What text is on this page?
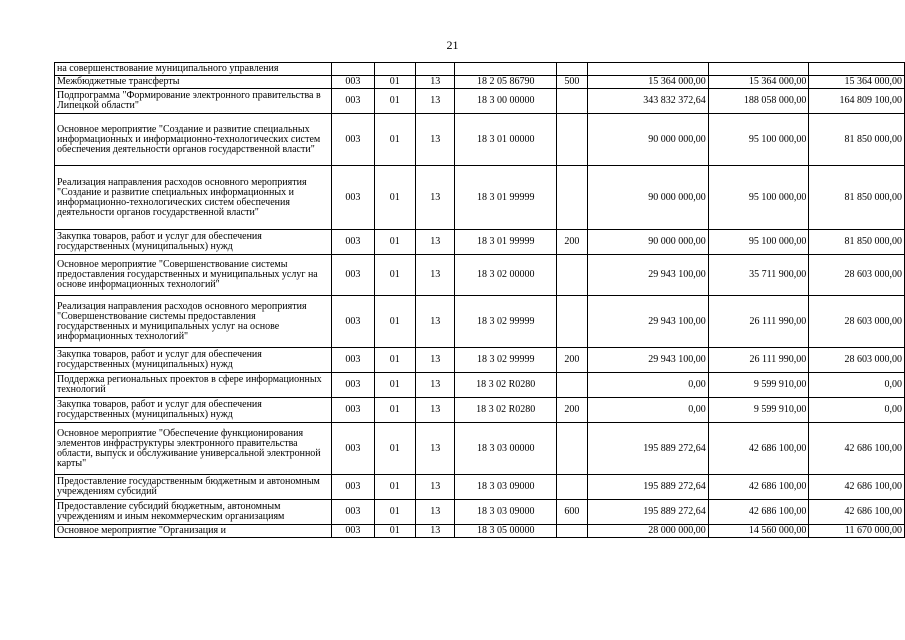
21
на совершенствование муниципального управления								
Межбюджетные трансферты	003	01	13	18 2 05 86790	500	15 364 000,00	15 364 000,00	15 364 000,00
Подпрограмма "Формирование электронного правительства в Липецкой области"	003	01	13	18 3 00 00000		343 832 372,64	188 058 000,00	164 809 100,00
Основное мероприятие "Создание и развитие специальных информационных и информационно-технологических систем обеспечения деятельности органов государственной власти"	003	01	13	18 3 01 00000		90 000 000,00	95 100 000,00	81 850 000,00
Реализация направления расходов основного мероприятия "Создание и развитие специальных информационных и информационно-технологических систем обеспечения деятельности органов государственной власти"	003	01	13	18 3 01 99999		90 000 000,00	95 100 000,00	81 850 000,00
Закупка товаров, работ и услуг для обеспечения государственных (муниципальных) нужд	003	01	13	18 3 01 99999	200	90 000 000,00	95 100 000,00	81 850 000,00
Основное мероприятие "Совершенствование системы предоставления государственных и муниципальных услуг на основе информационных технологий"	003	01	13	18 3 02 00000		29 943 100,00	35 711 900,00	28 603 000,00
Реализация направления расходов основного мероприятия "Совершенствование системы предоставления государственных и муниципальных услуг на основе информационных технологий"	003	01	13	18 3 02 99999		29 943 100,00	26 111 990,00	28 603 000,00
Закупка товаров, работ и услуг для обеспечения государственных (муниципальных) нужд	003	01	13	18 3 02 99999	200	29 943 100,00	26 111 990,00	28 603 000,00
Поддержка региональных проектов в сфере информационных технологий	003	01	13	18 3 02 R0280		0,00	9 599 910,00	0,00
Закупка товаров, работ и услуг для обеспечения государственных (муниципальных) нужд	003	01	13	18 3 02 R0280	200	0,00	9 599 910,00	0,00
Основное мероприятие "Обеспечение функционирования элементов инфраструктуры электронного правительства области, выпуск и обслуживание универсальной электронной карты"	003	01	13	18 3 03 00000		195 889 272,64	42 686 100,00	42 686 100,00
Предоставление государственным бюджетным и автономным учреждениям субсидий	003	01	13	18 3 03 09000		195 889 272,64	42 686 100,00	42 686 100,00
Предоставление субсидий бюджетным, автономным учреждениям и иным некоммерческим организациям	003	01	13	18 3 03 09000	600	195 889 272,64	42 686 100,00	42 686 100,00
Основное мероприятие "Организация и	003	01	13	18 3 05 00000		28 000 000,00	14 560 000,00	11 670 000,00
